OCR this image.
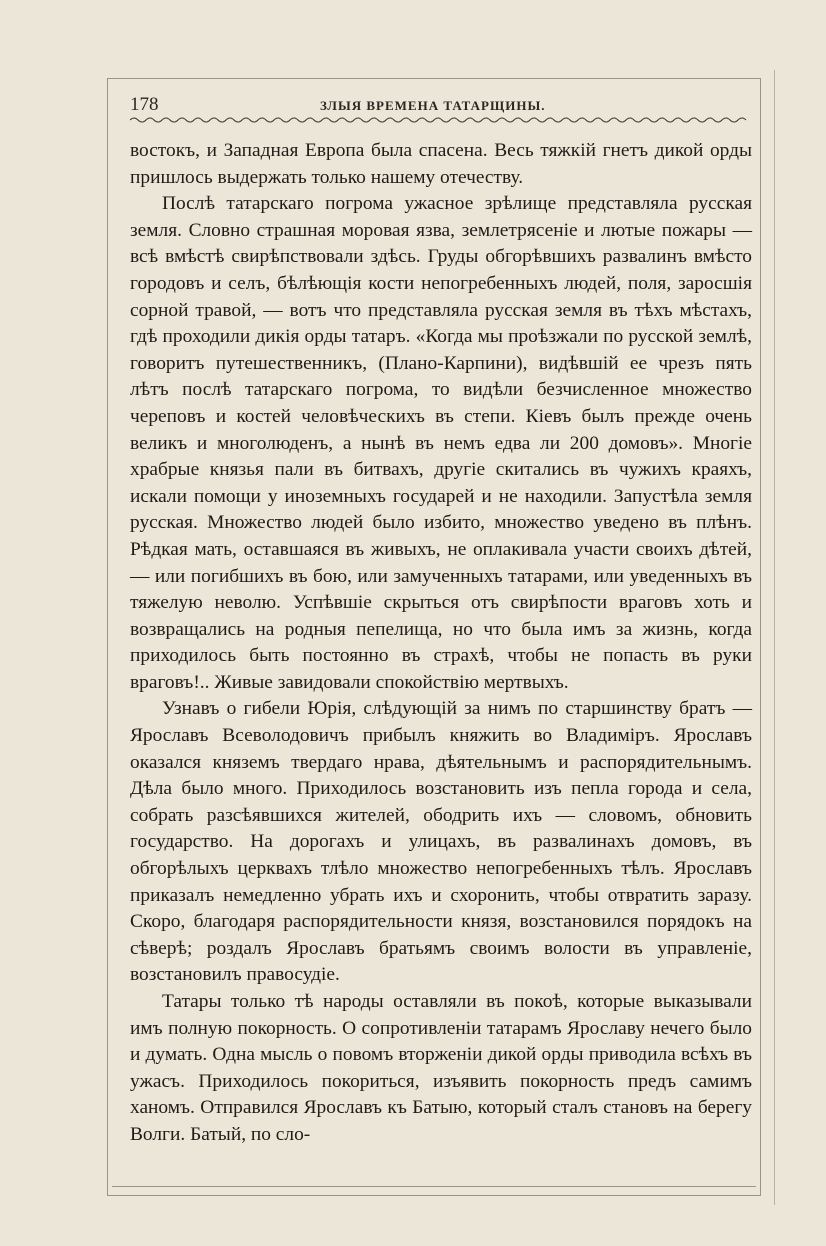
178	ЗЛЫЯ ВРЕМЕНА ТАТАРЩИНЫ.

востокъ, и Западная Европа была спасена. Весь тяжкій гнетъ дикой орды пришлось выдержать только нашему отечеству.

Послѣ татарскаго погрома ужасное зрѣлище представляла русская земля. Словно страшная моровая язва, землетрясеніе и лютые пожары — всѣ вмѣстѣ свирѣпствовали здѣсь. Груды обгорѣвшихъ развалинъ вмѣсто городовъ и селъ, бѣлѣющія кости непогребенныхъ людей, поля, заросшія сорной травой, — вотъ что представляла русская земля въ тѣхъ мѣстахъ, гдѣ проходили дикія орды татаръ. «Когда мы проѣзжали по русской землѣ, говоритъ путешественникъ, (Плано-Карпини), видѣвшій ее чрезъ пять лѣтъ послѣ татарскаго погрома, то видѣли безчисленное множество череповъ и костей человѣческихъ въ степи. Кіевъ былъ прежде очень великъ и многолюденъ, а нынѣ въ немъ едва ли 200 домовъ». Многіе храбрые князья пали въ битвахъ, другіе скитались въ чужихъ краяхъ, искали помощи у иноземныхъ государей и не находили. Запустѣла земля русская. Множество людей было избито, множество уведено въ плѣнъ. Рѣдкая мать, оставшаяся въ живыхъ, не оплакивала участи своихъ дѣтей, — или погибшихъ въ бою, или замученныхъ татарами, или уведенныхъ въ тяжелую неволю. Успѣвшіе скрыться отъ свирѣпости враговъ хоть и возвращались на родныя пепелища, но что была имъ за жизнь, когда приходилось быть постоянно въ страхѣ, чтобы не попасть въ руки враговъ!.. Живые завидовали спокойствію мертвыхъ.

Узнавъ о гибели Юрія, слѣдующій за нимъ по старшинству братъ — Ярославъ Всеволодовичъ прибылъ княжить во Владиміръ. Ярославъ оказался княземъ твердаго нрава, дѣятельнымъ и распорядительнымъ. Дѣла было много. Приходилось возстановить изъ пепла города и села, собрать разсѣявшихся жителей, ободрить ихъ — словомъ, обновить государство. На дорогахъ и улицахъ, въ развалинахъ домовъ, въ обгорѣлыхъ церквахъ тлѣло множество непогребенныхъ тѣлъ. Ярославъ приказалъ немедленно убрать ихъ и схоронить, чтобы отвратить заразу. Скоро, благодаря распорядительности князя, возстановился порядокъ на сѣверѣ; роздалъ Ярославъ братьямъ своимъ волости въ управленіе, возстановилъ правосудіе.

Татары только тѣ народы оставляли въ покоѣ, которые выказывали имъ полную покорность. О сопротивленіи татарамъ Ярославу нечего было и думать. Одна мысль о повомъ вторженіи дикой орды приводила всѣхъ въ ужасъ. Приходилось покориться, изъявить покорность предъ самимъ ханомъ. Отправился Ярославъ къ Батыю, который сталъ становъ на берегу Волги. Батый, по сло-
